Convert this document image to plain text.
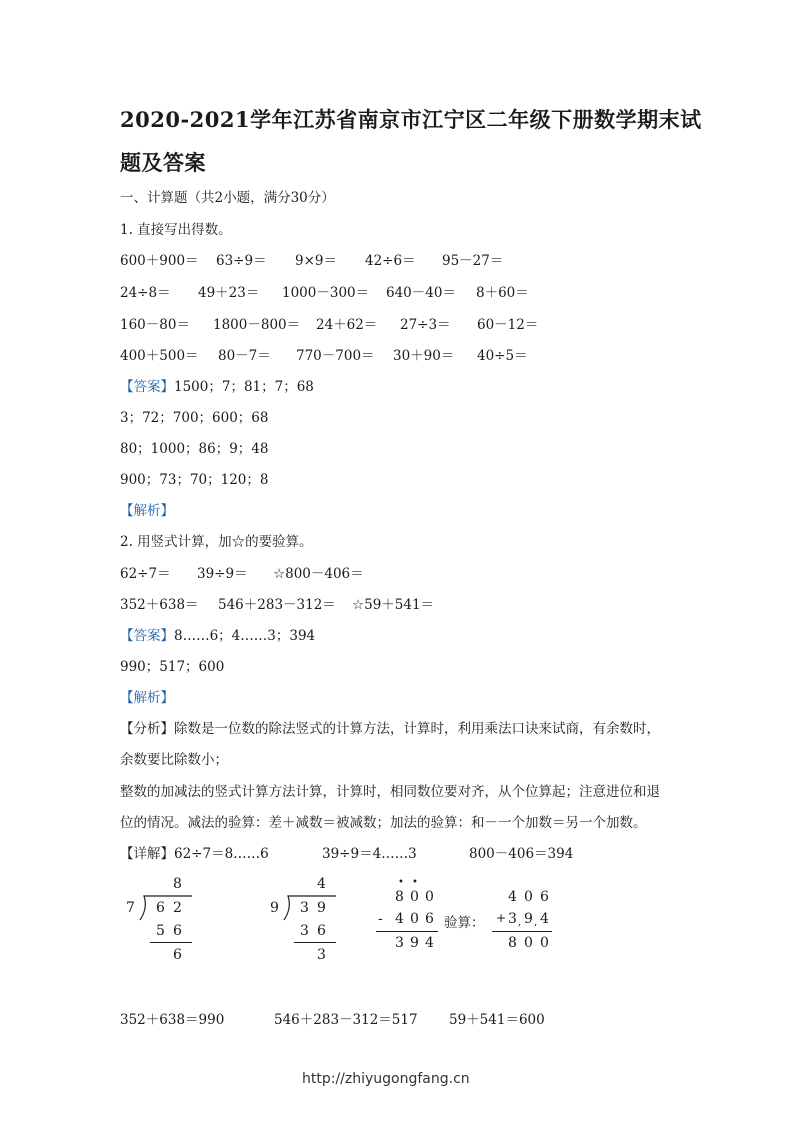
2020-2021学年江苏省南京市江宁区二年级下册数学期末试
题及答案
一、计算题（共2小题，满分30分）
1. 直接写出得数。
600＋900＝ 63÷9＝ 9×9＝ 42÷6＝ 95－27＝
24÷8＝ 49＋23＝ 1000－300＝ 640－40＝ 8＋60＝
160－80＝ 1800－800＝ 24＋62＝ 27÷3＝ 60－12＝
400＋500＝ 80－7＝ 770－700＝ 30＋90＝ 40÷5＝
【答案】1500；7；81；7；68
3；72；700；600；68
80；1000；86；9；48
900；73；70；120；8
【解析】
2. 用竖式计算，加☆的要验算。
62÷7＝ 39÷9＝ ☆800－406＝
352＋638＝ 546＋283－312＝ ☆59＋541＝
【答案】8……6；4……3；394
990；517；600
【解析】
【分析】除数是一位数的除法竖式的计算方法，计算时，利用乘法口诀来试商，有余数时，
余数要比除数小；
整数的加减法的竖式计算方法计算，计算时，相同数位要对齐，从个位算起；注意进位和退
位的情况。减法的验算：差＋减数＝被减数；加法的验算：和－一个加数＝另一个加数。
【详解】 62÷7＝8……6	39÷9＝4……3	800－406＝394
8
7 6 2
5 6
6
4
9 3 9
3 6
3
• •
8 0 0
- 4 0 6
3 9 4
验算：
4 0 6
+ 3 9 4
, ,
8 0 0
352＋638＝990	546＋283－312＝517 59＋541＝600
http://zhiyugongfang.cn
